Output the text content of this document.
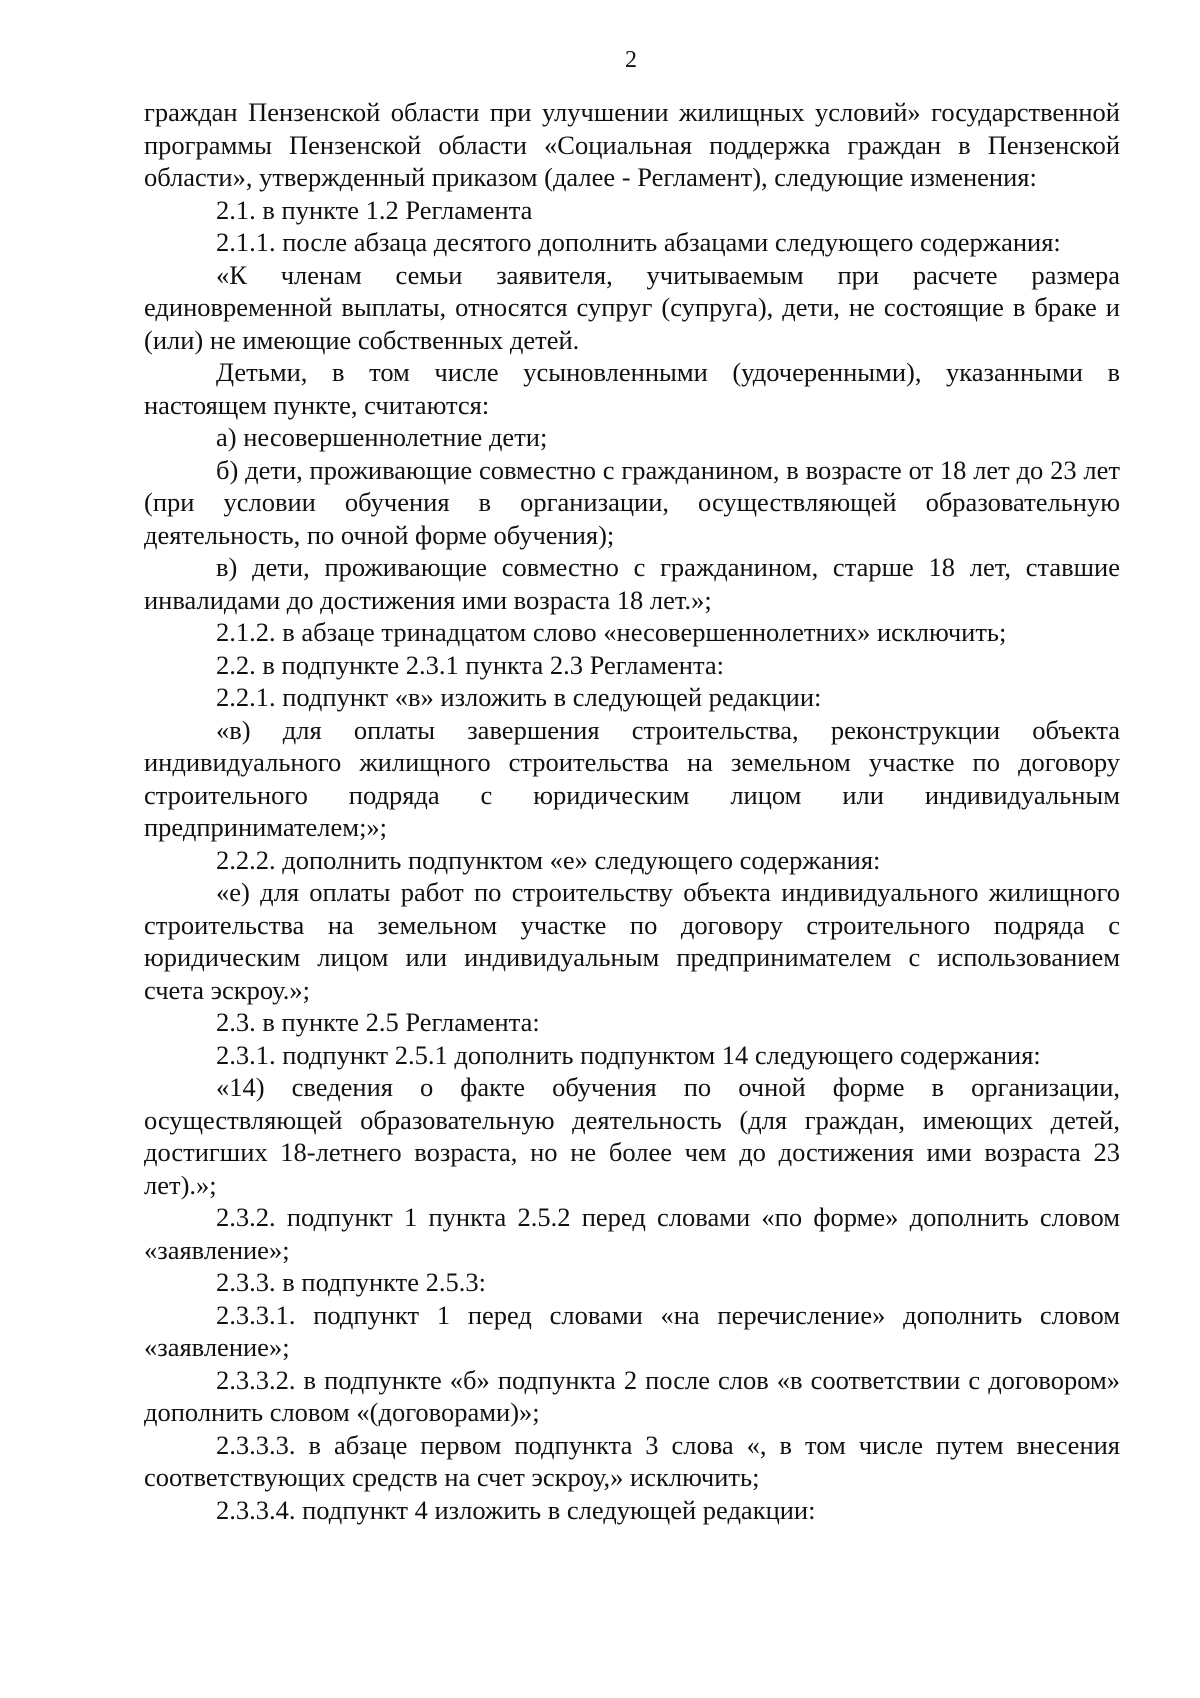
2

граждан Пензенской области при улучшении жилищных условий» государственной программы Пензенской области «Социальная поддержка граждан в Пензенской области», утвержденный приказом (далее - Регламент), следующие изменения:

2.1. в пункте 1.2 Регламента

2.1.1. после абзаца десятого дополнить абзацами следующего содержания:

«К членам семьи заявителя, учитываемым при расчете размера единовременной выплаты, относятся супруг (супруга), дети, не состоящие в браке и (или) не имеющие собственных детей.

Детьми, в том числе усыновленными (удочеренными), указанными в настоящем пункте, считаются:

а) несовершеннолетние дети;

б) дети, проживающие совместно с гражданином, в возрасте от 18 лет до 23 лет (при условии обучения в организации, осуществляющей образовательную деятельность, по очной форме обучения);

в) дети, проживающие совместно с гражданином, старше 18 лет, ставшие инвалидами до достижения ими возраста 18 лет.»;

2.1.2. в абзаце тринадцатом слово «несовершеннолетних» исключить;

2.2. в подпункте 2.3.1 пункта 2.3 Регламента:

2.2.1. подпункт «в» изложить в следующей редакции:

«в) для оплаты завершения строительства, реконструкции объекта индивидуального жилищного строительства на земельном участке по договору строительного подряда с юридическим лицом или индивидуальным предпринимателем;»;

2.2.2. дополнить подпунктом «е» следующего содержания:

«е) для оплаты работ по строительству объекта индивидуального жилищного строительства на земельном участке по договору строительного подряда с юридическим лицом или индивидуальным предпринимателем с использованием счета эскроу.»;

2.3. в пункте 2.5 Регламента:

2.3.1. подпункт 2.5.1 дополнить подпунктом 14 следующего содержания:

«14) сведения о факте обучения по очной форме в организации, осуществляющей образовательную деятельность (для граждан, имеющих детей, достигших 18-летнего возраста, но не более чем до достижения ими возраста 23 лет).»;

2.3.2. подпункт 1 пункта 2.5.2 перед словами «по форме» дополнить словом «заявление»;

2.3.3. в подпункте 2.5.3:

2.3.3.1. подпункт 1 перед словами «на перечисление» дополнить словом «заявление»;

2.3.3.2. в подпункте «б» подпункта 2 после слов «в соответствии с договором» дополнить словом «(договорами)»;

2.3.3.3. в абзаце первом подпункта 3 слова «, в том числе путем внесения соответствующих средств на счет эскроу,» исключить;

2.3.3.4. подпункт 4 изложить в следующей редакции:
